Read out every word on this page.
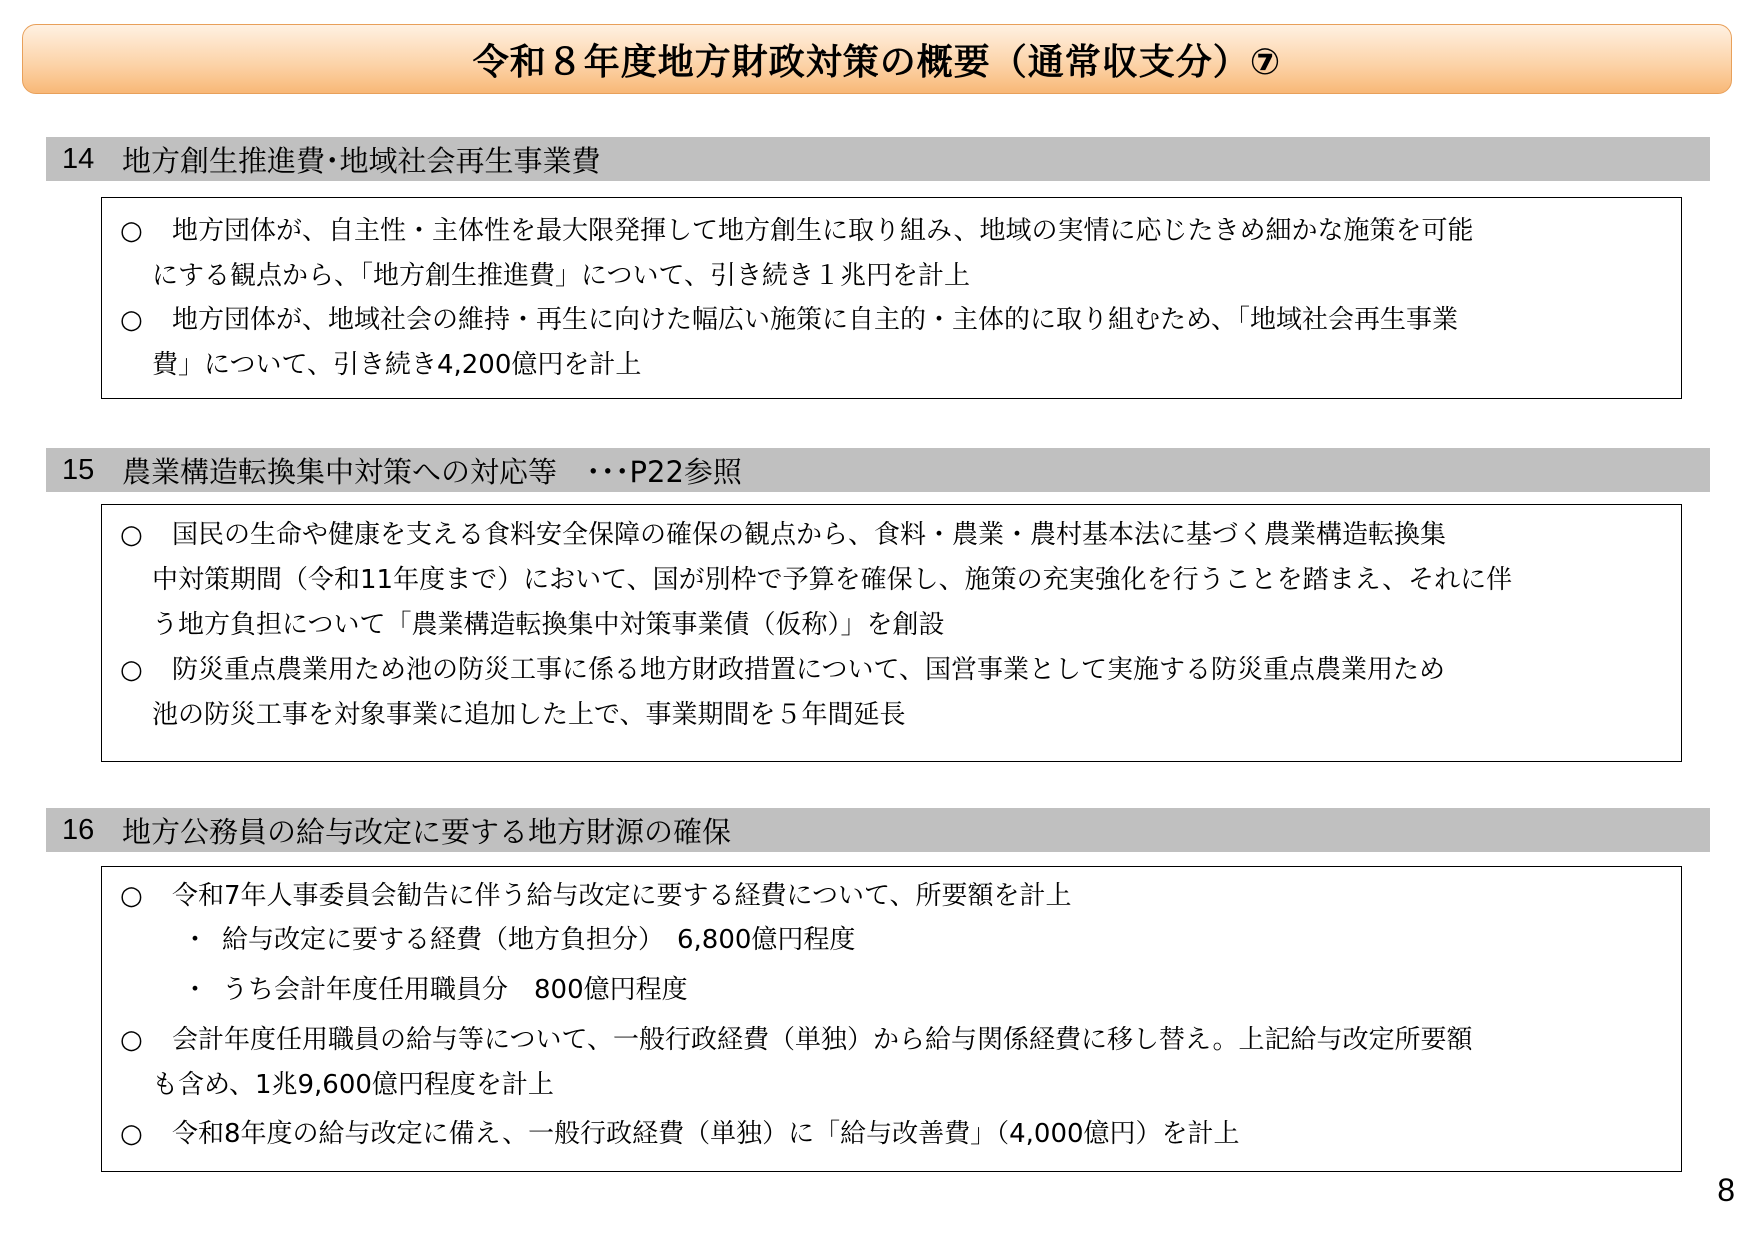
令和８年度地方財政対策の概要（通常収支分）⑦
14 地方創生推進費･地域社会再生事業費
○ 地方団体が、自主性・主体性を最大限発揮して地方創生に取り組み、地域の実情に応じたきめ細かな施策を可能
にする観点から、「地方創生推進費」について、引き続き１兆円を計上
○ 地方団体が、地域社会の維持・再生に向けた幅広い施策に自主的・主体的に取り組むため、「地域社会再生事業
費」について、引き続き4,200億円を計上
15 農業構造転換集中対策への対応等　･･･P22参照
○ 国民の生命や健康を支える食料安全保障の確保の観点から、食料・農業・農村基本法に基づく農業構造転換集
中対策期間（令和11年度まで）において、国が別枠で予算を確保し、施策の充実強化を行うことを踏まえ、それに伴
う地方負担について「農業構造転換集中対策事業債（仮称）」を創設
○ 防災重点農業用ため池の防災工事に係る地方財政措置について、国営事業として実施する防災重点農業用ため
池の防災工事を対象事業に追加した上で、事業期間を５年間延長
16 地方公務員の給与改定に要する地方財源の確保
○ 令和7年人事委員会勧告に伴う給与改定に要する経費について、所要額を計上
・ 給与改定に要する経費（地方負担分）　6,800億円程度
・ うち会計年度任用職員分　800億円程度
○ 会計年度任用職員の給与等について、一般行政経費（単独）から給与関係経費に移し替え。上記給与改定所要額
も含め、1兆9,600億円程度を計上
○ 令和8年度の給与改定に備え、一般行政経費（単独）に「給与改善費」（4,000億円）を計上
8
